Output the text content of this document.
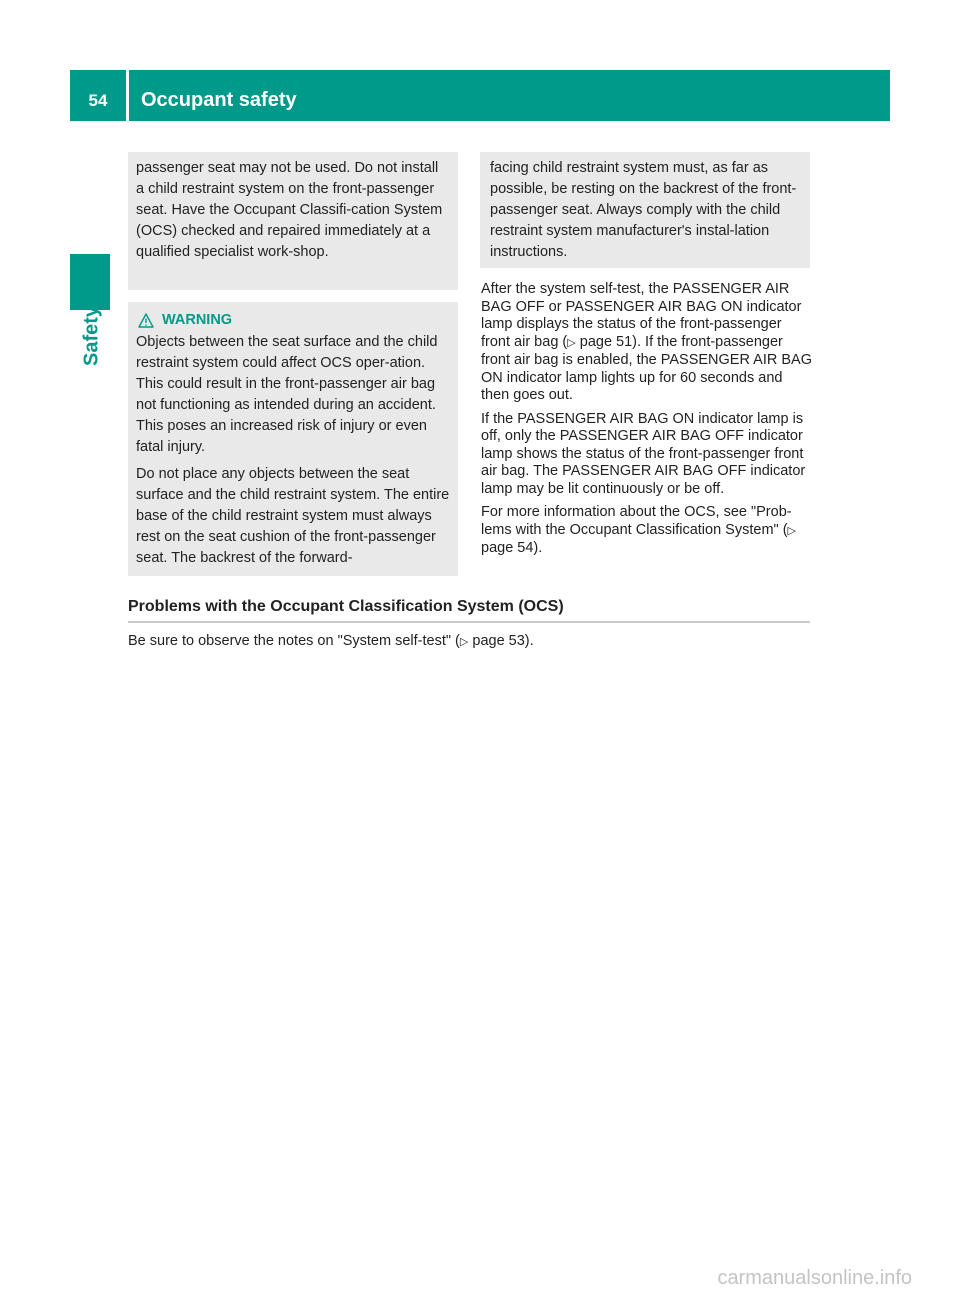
54	Occupant safety
Safety
passenger seat may not be used. Do not install a child restraint system on the front-passenger seat. Have the Occupant Classifi-cation System (OCS) checked and repaired immediately at a qualified specialist work-shop.
WARNING

Objects between the seat surface and the child restraint system could affect OCS oper-ation. This could result in the front-passenger air bag not functioning as intended during an accident. This poses an increased risk of injury or even fatal injury.

Do not place any objects between the seat surface and the child restraint system. The entire base of the child restraint system must always rest on the seat cushion of the front-passenger seat. The backrest of the forward-

facing child restraint system must, as far as possible, be resting on the backrest of the front-passenger seat. Always comply with the child restraint system manufacturer's instal-lation instructions.

After the system self-test, the PASSENGER AIR BAG OFF or PASSENGER AIR BAG ON indicator lamp displays the status of the front-passenger front air bag (▷ page 51). If the front-passenger front air bag is enabled, the PASSENGER AIR BAG ON indicator lamp lights up for 60 seconds and then goes out.

If the PASSENGER AIR BAG ON indicator lamp is off, only the PASSENGER AIR BAG OFF indicator lamp shows the status of the front-passenger front air bag. The PASSENGER AIR BAG OFF indicator lamp may be lit continuously or be off.

For more information about the OCS, see "Prob-lems with the Occupant Classification System" (▷ page 54).

Problems with the Occupant Classification System (OCS)
Be sure to observe the notes on "System self-test" (▷ page 53).
carmanualsonline.info
